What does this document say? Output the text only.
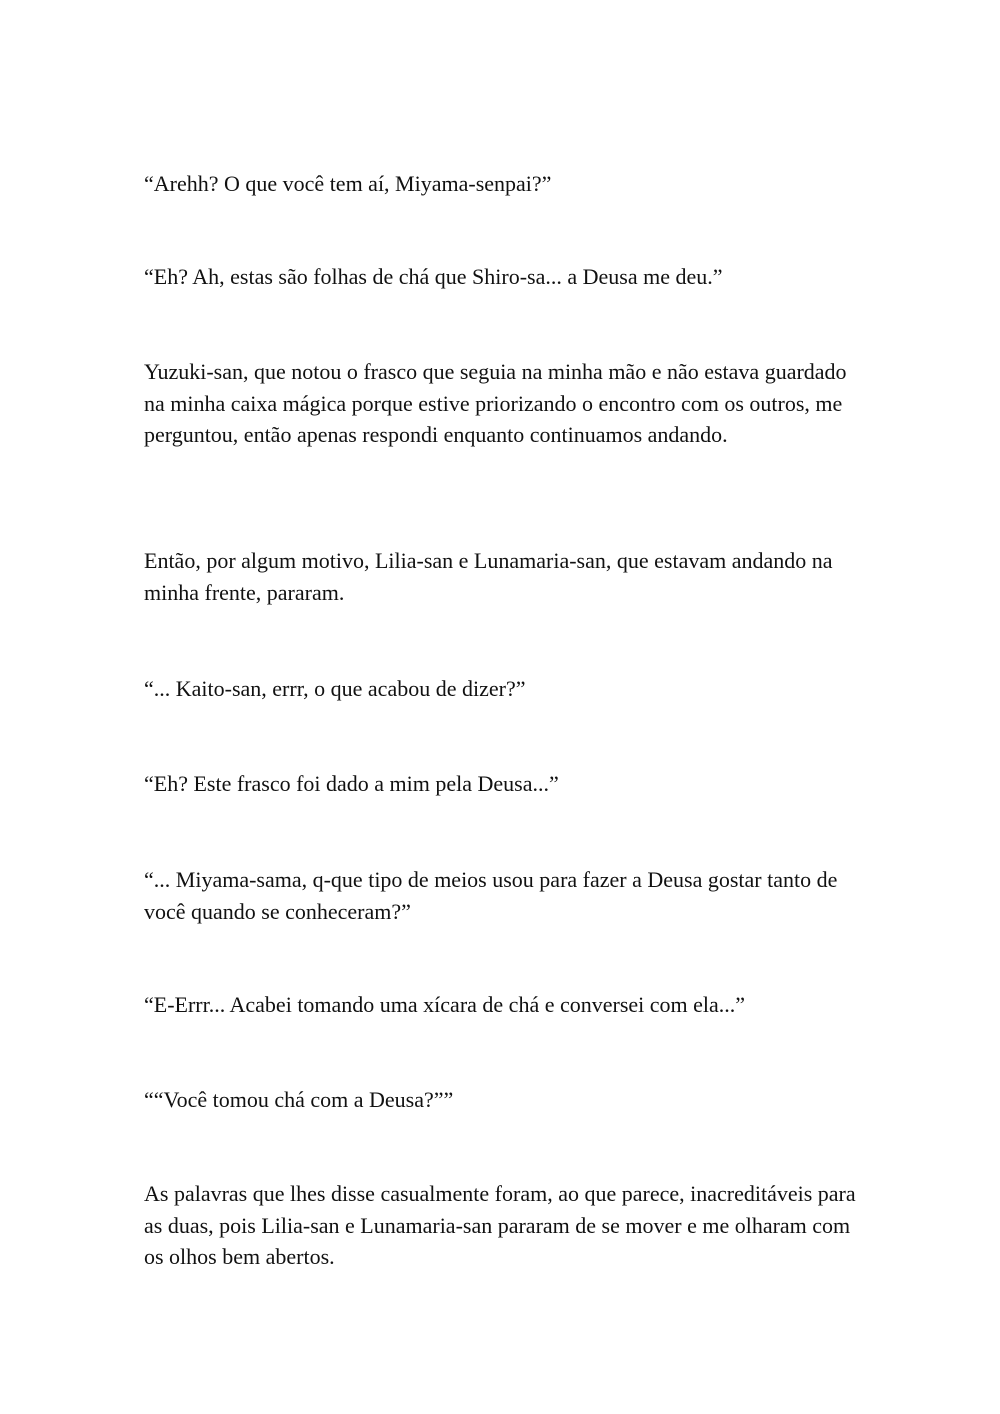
“Arehh? O que você tem aí, Miyama-senpai?”

“Eh? Ah, estas são folhas de chá que Shiro-sa... a Deusa me deu.”

Yuzuki-san, que notou o frasco que seguia na minha mão e não estava guardado na minha caixa mágica porque estive priorizando o encontro com os outros, me perguntou, então apenas respondi enquanto continuamos andando.

Então, por algum motivo, Lilia-san e Lunamaria-san, que estavam andando na minha frente, pararam.

“... Kaito-san, errr, o que acabou de dizer?”

“Eh? Este frasco foi dado a mim pela Deusa...”

“... Miyama-sama, q-que tipo de meios usou para fazer a Deusa gostar tanto de você quando se conheceram?”

“E-Errr... Acabei tomando uma xícara de chá e conversei com ela...”

““Você tomou chá com a Deusa?””

As palavras que lhes disse casualmente foram, ao que parece, inacreditáveis para as duas, pois Lilia-san e Lunamaria-san pararam de se mover e me olharam com os olhos bem abertos.
